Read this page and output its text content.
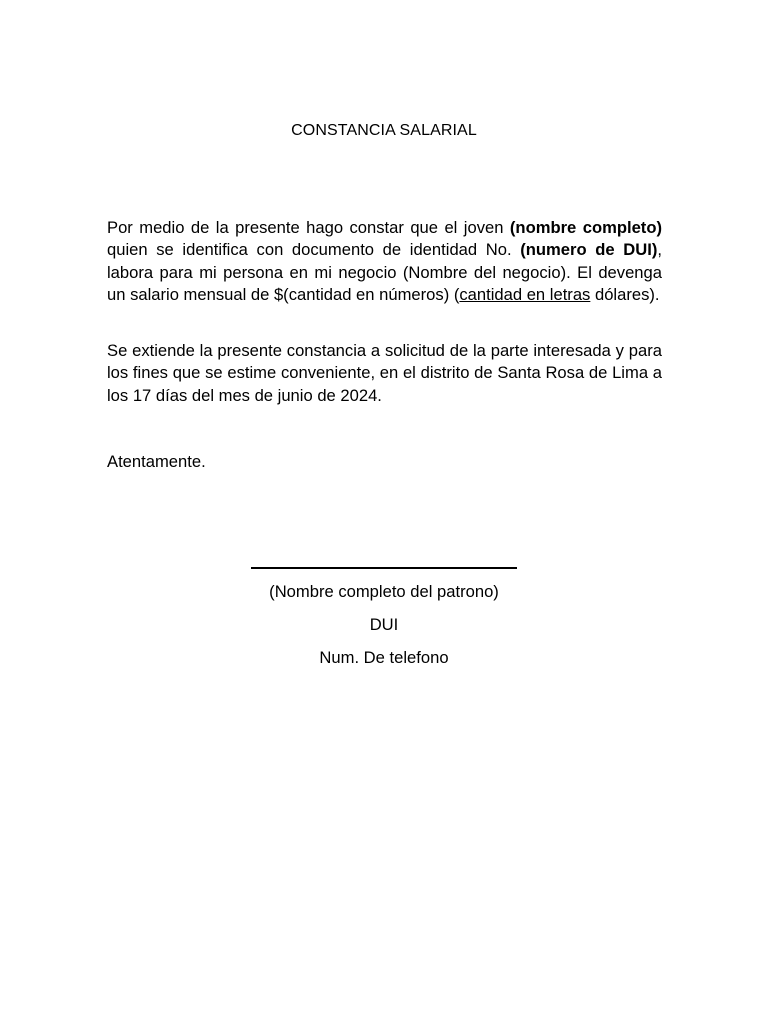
CONSTANCIA SALARIAL
Por medio de la presente hago constar que el joven (nombre completo) quien se identifica con documento de identidad No. (numero de DUI), labora para mi persona en mi negocio (Nombre del negocio). El devenga un salario mensual de $(cantidad en números) (cantidad en letras dólares).
Se extiende la presente constancia a solicitud de la parte interesada y para los fines que se estime conveniente, en el distrito de Santa Rosa de Lima a los 17 días del mes de junio de 2024.
Atentamente.
(Nombre completo del patrono)
DUI
Num. De telefono
